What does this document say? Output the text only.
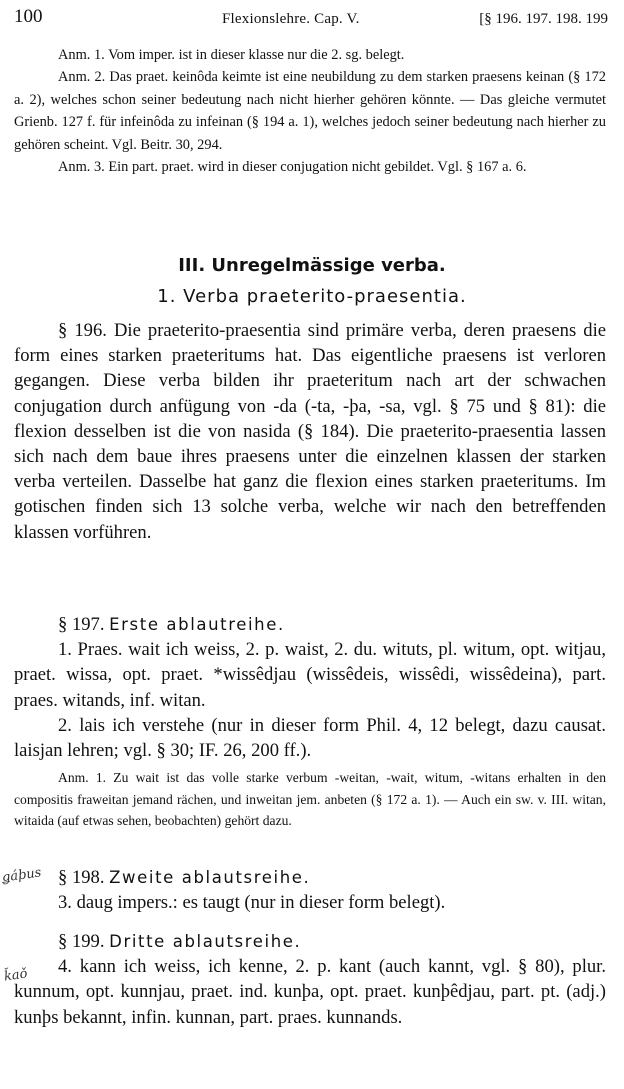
100	Flexionslehre. Cap. V.	[§ 196. 197. 198. 199
Anm. 1. Vom imper. ist in dieser klasse nur die 2. sg. belegt.
Anm. 2. Das praet. keinôda keimte ist eine neubildung zu dem starken praesens keinan (§ 172 a. 2), welches schon seiner bedeutung nach nicht hierher gehören könnte. — Das gleiche vermutet Grienb. 127 f. für infeinôda zu infeinan (§ 194 a. 1), welches jedoch seiner bedeutung nach hierher zu gehören scheint. Vgl. Beitr. 30, 294.
Anm. 3. Ein part. praet. wird in dieser conjugation nicht gebildet. Vgl. § 167 a. 6.
III. Unregelmässige verba.
1. Verba praeterito-praesentia.
§ 196. Die praeterito-praesentia sind primäre verba, deren praesens die form eines starken praeteritums hat. Das eigentliche praesens ist verloren gegangen. Diese verba bilden ihr praeteritum nach art der schwachen conjugation durch anfügung von -da (-ta, -þa, -sa, vgl. § 75 und § 81): die flexion desselben ist die von nasida (§ 184). Die praeterito-praesentia lassen sich nach dem baue ihres praesens unter die einzelnen klassen der starken verba verteilen. Dasselbe hat ganz die flexion eines starken praeteritums. Im gotischen finden sich 13 solche verba, welche wir nach den betreffenden klassen vorführen.
§ 197. Erste ablautreihe.
1. Praes. wait ich weiss, 2. p. waist, 2. du. wituts, pl. witum, opt. witjau, praet. wissa, opt. praet. *wissêdjau (wissêdeis, wissêdi, wissêdeina), part. praes. witands, inf. witan.
2. lais ich verstehe (nur in dieser form Phil. 4, 12 belegt, dazu causat. laisjan lehren; vgl. § 30; IF. 26, 200 ff.).
Anm. 1. Zu wait ist das volle starke verbum -weitan, -wait, witum, -witans erhalten in den compositis fraweitan jemand rächen, und inweitan jem. anbeten (§ 172 a. 1). — Auch ein sw. v. III. witan, witaida (auf etwas sehen, beobachten) gehört dazu.
§ 198. Zweite ablautsreihe.
3. daug impers.: es taugt (nur in dieser form belegt).
ǥáþus
§ 199. Dritte ablautsreihe.
4. kann ich weiss, ich kenne, 2. p. kant (auch kannt, vgl. § 80), plur. kunnum, opt. kunnjau, praet. ind. kunþa, opt. praet. kunþêdjau, part. pt. (adj.) kunþs bekannt, infin. kunnan, part. praes. kunnands.
ǩaǒ
